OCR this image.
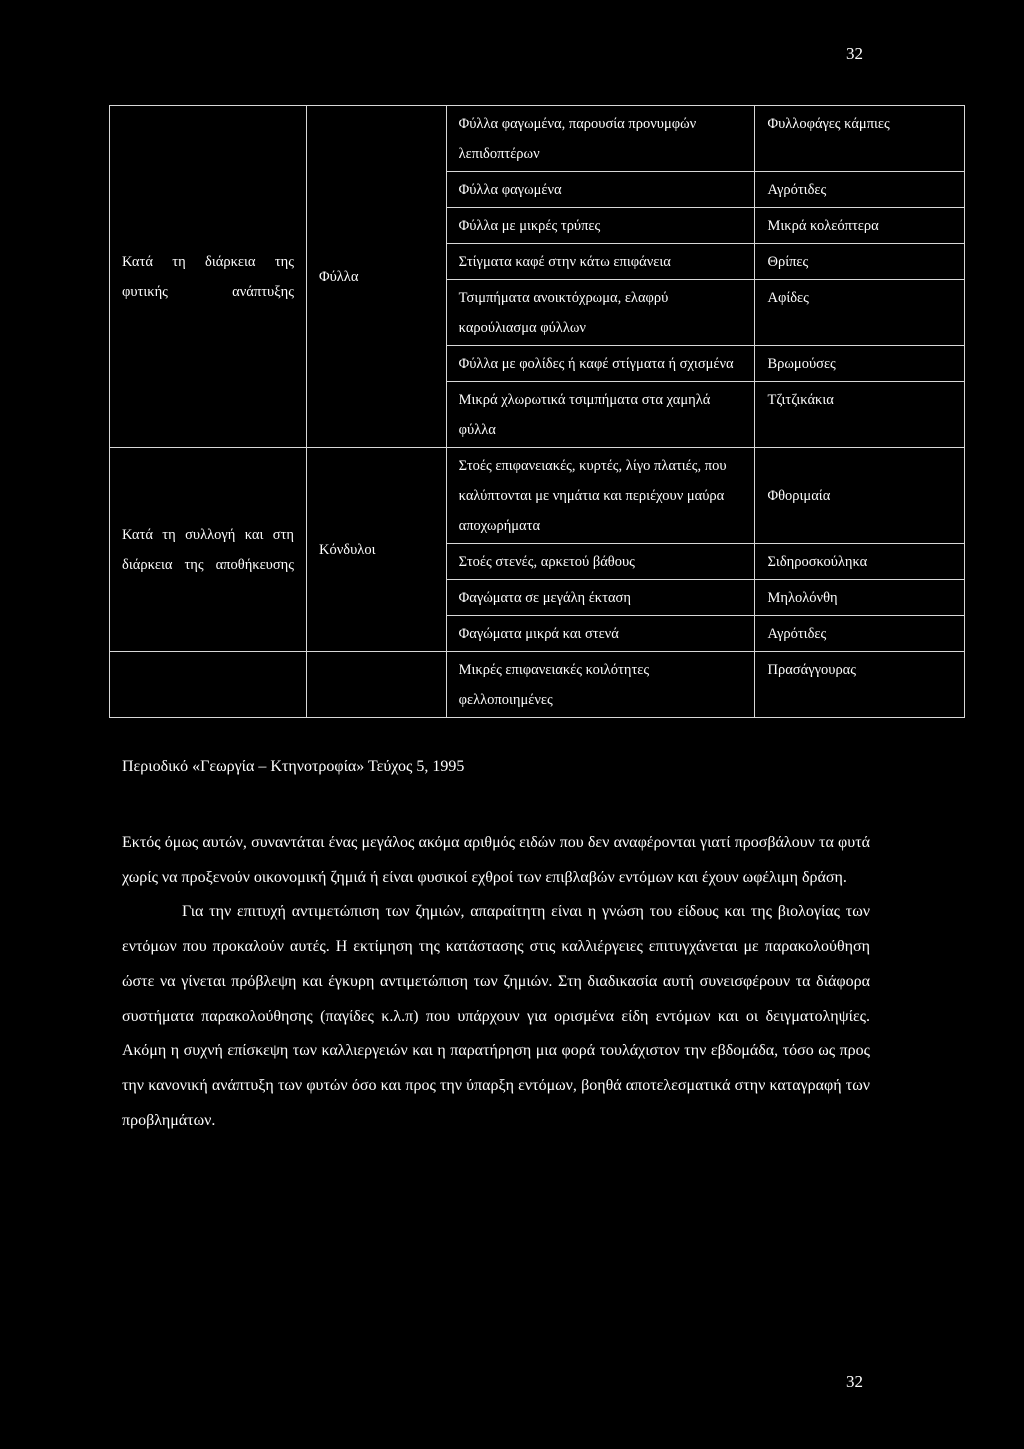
32
Κατά τη διάρκεια της φυτικής ανάπτυξης	Φύλλα	Φύλλα φαγωμένα, παρουσία προνυμφών λεπιδοπτέρων	Φυλλοφάγες κάμπιες

		Φύλλα φαγωμένα	Αγρότιδες

		Φύλλα με μικρές τρύπες	Μικρά κολεόπτερα

		Στίγματα καφέ στην κάτω επιφάνεια	Θρίπες

		Τσιμπήματα ανοικτόχρωμα, ελαφρύ καρούλιασμα φύλλων	Αφίδες

		Φύλλα με φολίδες ή καφέ στίγματα ή σχισμένα	Βρωμούσες

		Μικρά χλωρωτικά τσιμπήματα στα χαμηλά φύλλα	Τζιτζικάκια

Κατά τη συλλογή και στη διάρκεια της αποθήκευσης	Κόνδυλοι	Στοές επιφανειακές, κυρτές, λίγο πλατιές, που καλύπτονται με νημάτια και περιέχουν μαύρα αποχωρήματα	Φθοριμαία

		Στοές στενές, αρκετού βάθους	Σιδηροσκούληκα

		Φαγώματα σε μεγάλη έκταση	Μηλολόνθη

		Φαγώματα μικρά και στενά	Αγρότιδες

		Μικρές επιφανειακές κοιλότητες φελλοποιημένες	Πρασάγγουρας
Περιοδικό «Γεωργία – Κτηνοτροφία» Τεύχος 5, 1995

Εκτός όμως αυτών, συναντάται ένας μεγάλος ακόμα αριθμός ειδών που δεν αναφέρονται γιατί προσβάλουν τα φυτά χωρίς να προξενούν οικονομική ζημιά ή είναι φυσικοί εχθροί των επιβλαβών εντόμων και έχουν ωφέλιμη δράση.

Για την επιτυχή αντιμετώπιση των ζημιών, απαραίτητη είναι η γνώση του είδους και της βιολογίας των εντόμων που προκαλούν αυτές. Η εκτίμηση της κατάστασης στις καλλιέργειες επιτυγχάνεται με παρακολούθηση ώστε να γίνεται πρόβλεψη και έγκυρη αντιμετώπιση των ζημιών. Στη διαδικασία αυτή συνεισφέρουν τα διάφορα συστήματα παρακολούθησης (παγίδες κ.λ.π) που υπάρχουν για ορισμένα είδη εντόμων και οι δειγματοληψίες. Ακόμη η συχνή επίσκεψη των καλλιεργειών και η παρατήρηση μια φορά τουλάχιστον την εβδομάδα, τόσο ως προς την κανονική ανάπτυξη των φυτών όσο και προς την ύπαρξη εντόμων, βοηθά αποτελεσματικά στην καταγραφή των προβλημάτων.

32
